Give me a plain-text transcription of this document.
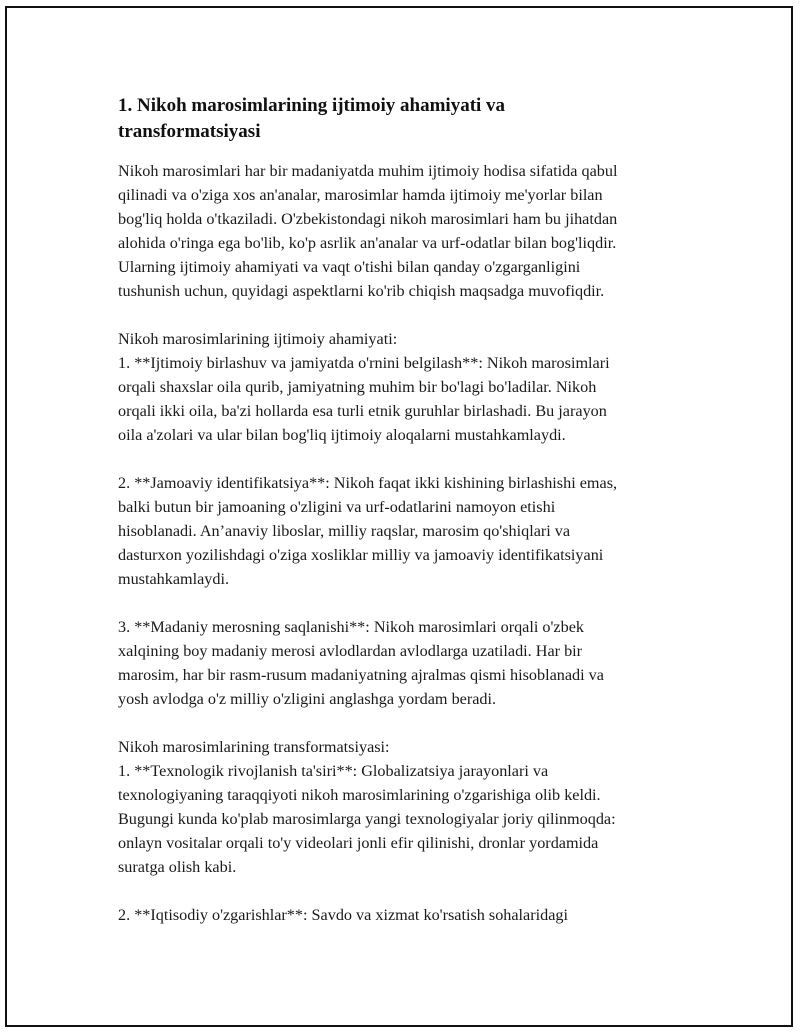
1. Nikoh marosimlarining ijtimoiy ahamiyati va
transformatsiyasi
Nikoh marosimlari har bir madaniyatda muhim ijtimoiy hodisa sifatida qabul
qilinadi va o'ziga xos an'analar, marosimlar hamda ijtimoiy me'yorlar bilan
bog'liq holda o'tkaziladi. O'zbekistondagi nikoh marosimlari ham bu jihatdan
alohida o'ringa ega bo'lib, ko'p asrlik an'analar va urf-odatlar bilan bog'liqdir.
Ularning ijtimoiy ahamiyati va vaqt o'tishi bilan qanday o'zgarganligini
tushunish uchun, quyidagi aspektlarni ko'rib chiqish maqsadga muvofiqdir.
Nikoh marosimlarining ijtimoiy ahamiyati:
1. **Ijtimoiy birlashuv va jamiyatda o'rnini belgilash**: Nikoh marosimlari
orqali shaxslar oila qurib, jamiyatning muhim bir bo'lagi bo'ladilar. Nikoh
orqali ikki oila, ba'zi hollarda esa turli etnik guruhlar birlashadi. Bu jarayon
oila a'zolari va ular bilan bog'liq ijtimoiy aloqalarni mustahkamlaydi.
2. **Jamoaviy identifikatsiya**: Nikoh faqat ikki kishining birlashishi emas,
balki butun bir jamoaning o'zligini va urf-odatlarini namoyon etishi
hisoblanadi. An’anaviy liboslar, milliy raqslar, marosim qo'shiqlari va
dasturxon yozilishdagi o'ziga xosliklar milliy va jamoaviy identifikatsiyani
mustahkamlaydi.
3. **Madaniy merosning saqlanishi**: Nikoh marosimlari orqali o'zbek
xalqining boy madaniy merosi avlodlardan avlodlarga uzatiladi. Har bir
marosim, har bir rasm-rusum madaniyatning ajralmas qismi hisoblanadi va
yosh avlodga o'z milliy o'zligini anglashga yordam beradi.
Nikoh marosimlarining transformatsiyasi:
1. **Texnologik rivojlanish ta'siri**: Globalizatsiya jarayonlari va
texnologiyaning taraqqiyoti nikoh marosimlarining o'zgarishiga olib keldi.
Bugungi kunda ko'plab marosimlarga yangi texnologiyalar joriy qilinmoqda:
onlayn vositalar orqali to'y videolari jonli efir qilinishi, dronlar yordamida
suratga olish kabi.
2. **Iqtisodiy o'zgarishlar**: Savdo va xizmat ko'rsatish sohalaridagi
